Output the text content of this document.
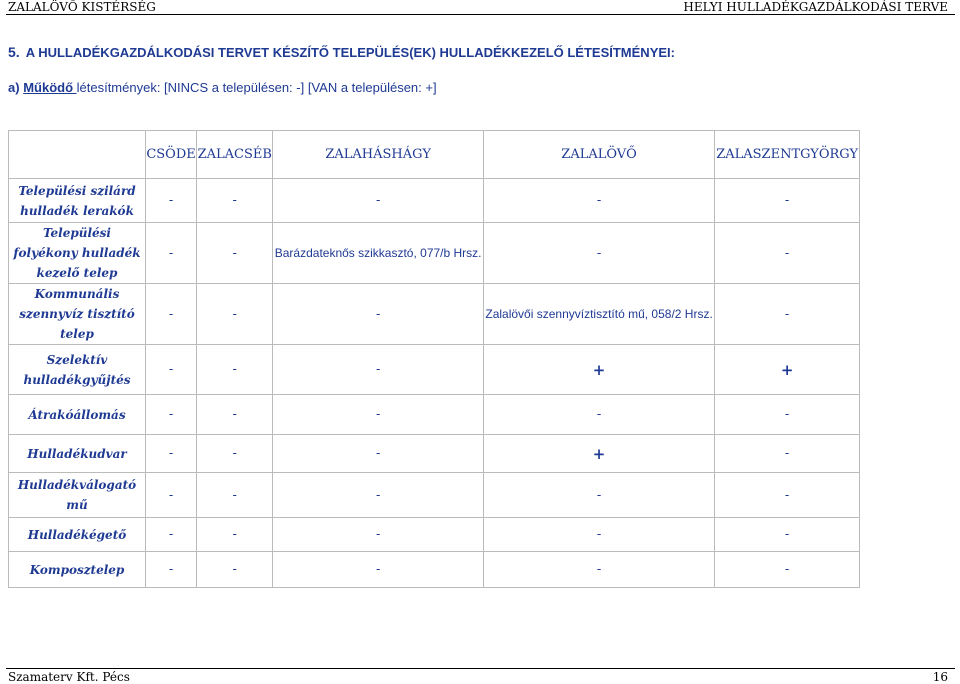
ZALALÖVŐ KISTÉRSÉG	HELYI HULLADÉKGAZDÁLKODÁSI TERVE
5. A HULLADÉKGAZDÁLKODÁSI TERVET KÉSZÍTŐ TELEPÜLÉS(EK) HULLADÉKKEZELŐ LÉTESÍTMÉNYEI:
a) Működő létesítmények: [NINCS a településen: -] [VAN a településen: +]
	CSÖDE	ZALACSÉB	ZALAHÁSHÁGY	ZALALÖVŐ	ZALASZENTGYÖRGY
Települési szilárd hulladék lerakók	-	-	-	-	-
Települési folyékony hulladék kezelő telep	-	-	Barázdateknős szikkasztó, 077/b Hrsz.	-	-
Kommunális szennyvíz tisztító telep	-	-	-	Zalalövői szennyvíztisztító mű, 058/2 Hrsz.	-
Szelektív hulladékgyűjtés	-	-	-	+	+
Átrakóállomás	-	-	-	-	-
Hulladékudvar	-	-	-	+	-
Hulladékválogató mű	-	-	-	-	-
Hulladékégető	-	-	-	-	-
Komposztelep	-	-	-	-	-
Szamaterv Kft. Pécs	16
